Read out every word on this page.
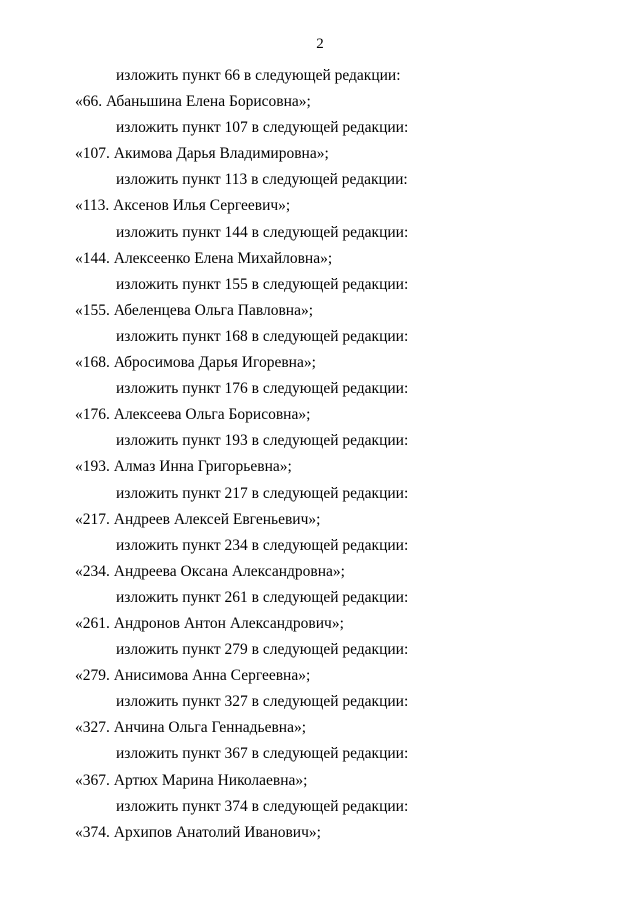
2
изложить пункт 66 в следующей редакции:
«66. Абаньшина Елена Борисовна»;
изложить пункт 107 в следующей редакции:
«107. Акимова Дарья Владимировна»;
изложить пункт 113 в следующей редакции:
«113. Аксенов Илья Сергеевич»;
изложить пункт 144 в следующей редакции:
«144. Алексеенко Елена Михайловна»;
изложить пункт 155 в следующей редакции:
«155. Абеленцева Ольга Павловна»;
изложить пункт 168 в следующей редакции:
«168. Абросимова Дарья Игоревна»;
изложить пункт 176 в следующей редакции:
«176. Алексеева Ольга Борисовна»;
изложить пункт 193 в следующей редакции:
«193. Алмаз Инна Григорьевна»;
изложить пункт 217 в следующей редакции:
«217. Андреев Алексей Евгеньевич»;
изложить пункт 234 в следующей редакции:
«234. Андреева Оксана Александровна»;
изложить пункт 261 в следующей редакции:
«261. Андронов Антон Александрович»;
изложить пункт 279 в следующей редакции:
«279. Анисимова Анна Сергеевна»;
изложить пункт 327 в следующей редакции:
«327. Анчина Ольга Геннадьевна»;
изложить пункт 367 в следующей редакции:
«367. Артюх Марина Николаевна»;
изложить пункт 374 в следующей редакции:
«374. Архипов Анатолий Иванович»;
